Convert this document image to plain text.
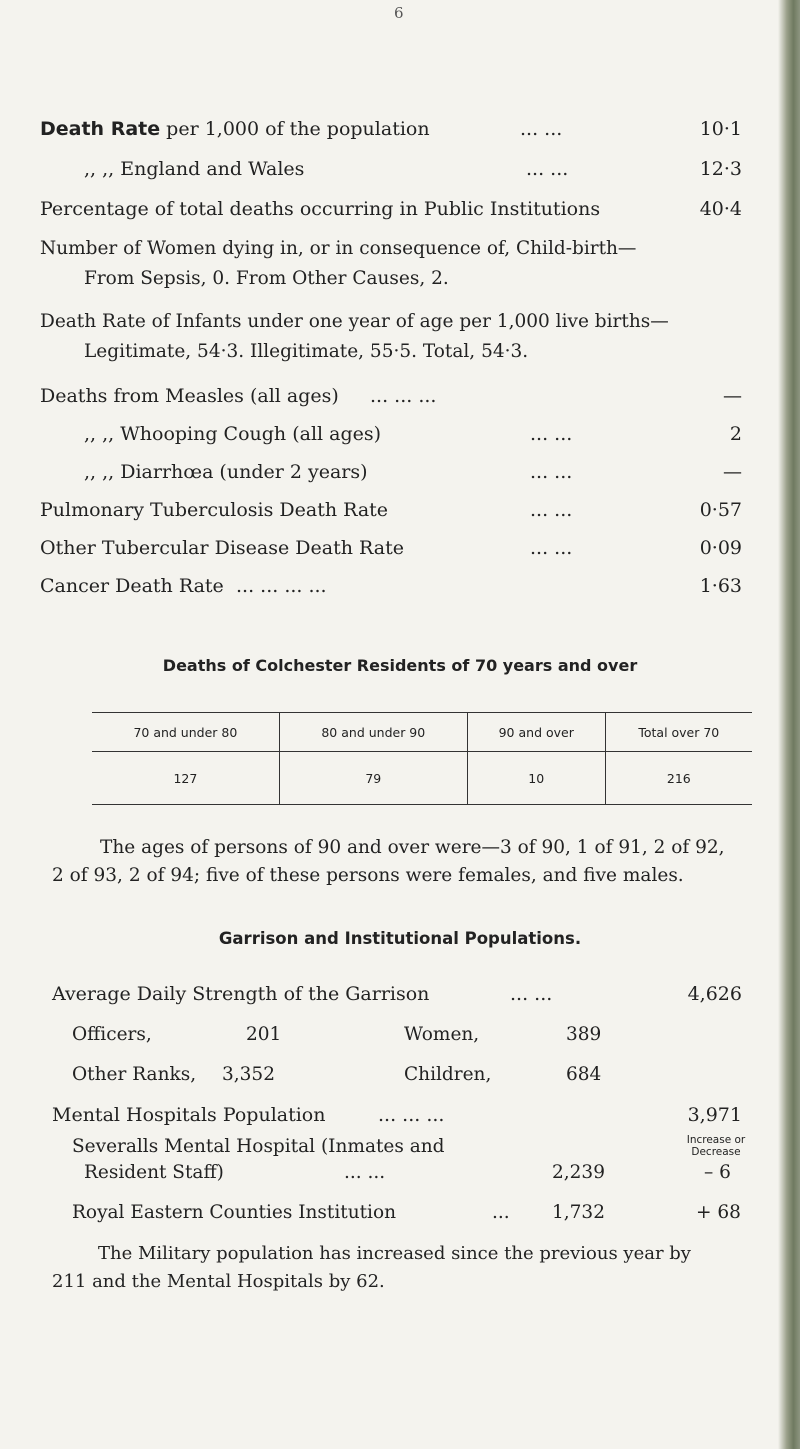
6
Death Rate per 1,000 of the population	... ...	10·1
,, ,, England and Wales	... ...	12·3
Percentage of total deaths occurring in Public Institutions	40·4
Number of Women dying in, or in consequence of, Child-birth—
From Sepsis, 0. From Other Causes, 2.
Death Rate of Infants under one year of age per 1,000 live births—
Legitimate, 54·3. Illegitimate, 55·5. Total, 54·3.
Deaths from Measles (all ages) ... ... ...	—
,, ,, Whooping Cough (all ages)	... ...	2
,, ,, Diarrhœa (under 2 years)	... ...	—
Pulmonary Tuberculosis Death Rate	... ...	0·57
Other Tubercular Disease Death Rate	... ...	0·09
Cancer Death Rate ... ... ... ...	1·63
Deaths of Colchester Residents of 70 years and over
70 and under 80	80 and under 90	90 and over	Total over 70
127	79	10	216
The ages of persons of 90 and over were—3 of 90, 1 of 91, 2 of 92,
2 of 93, 2 of 94; five of these persons were females, and five males.
Garrison and Institutional Populations.
Average Daily Strength of the Garrison	... ...	4,626
Officers,	201	Women,	389
Other Ranks, 3,352	Children,	684
Mental Hospitals Population	... ... ...	3,971
Increase or
Decrease
Severalls Mental Hospital (Inmates and
Resident Staff)	... ...	2,239	– 6
Royal Eastern Counties Institution	... 1,732	+ 68
The Military population has increased since the previous year by
211 and the Mental Hospitals by 62.
